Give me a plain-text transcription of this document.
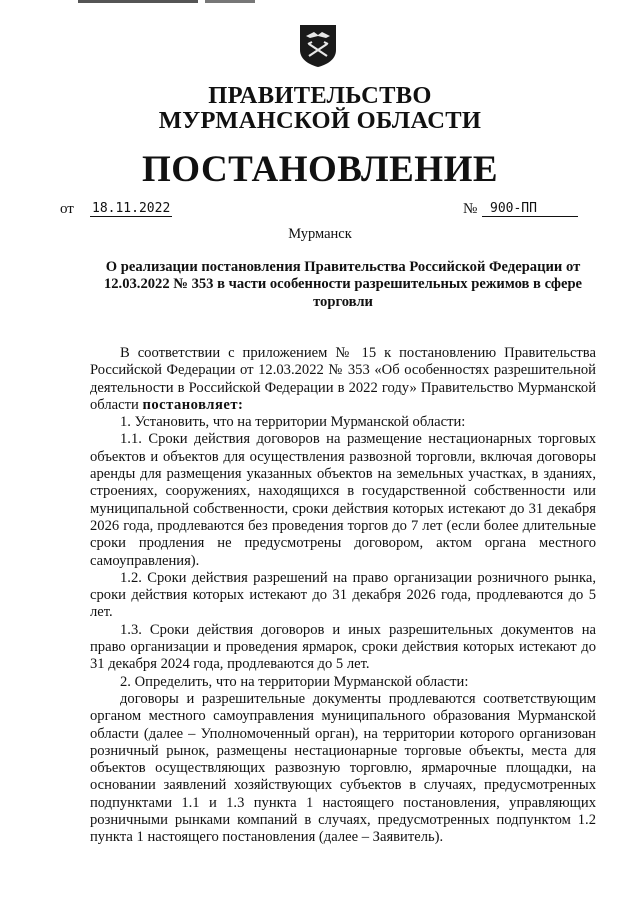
ПРАВИТЕЛЬСТВО
МУРМАНСКОЙ ОБЛАСТИ
ПОСТАНОВЛЕНИЕ
от 18.11.2022	№ 900-ПП
Мурманск
О реализации постановления Правительства Российской Федерации от 12.03.2022 № 353 в части особенности разрешительных режимов в сфере торговли

В соответствии с приложением № 15 к постановлению Правительства Российской Федерации от 12.03.2022 № 353 «Об особенностях разрешительной деятельности в Российской Федерации в 2022 году» Правительство Мурманской области постановляет:

1. Установить, что на территории Мурманской области:

1.1. Сроки действия договоров на размещение нестационарных торговых объектов и объектов для осуществления развозной торговли, включая договоры аренды для размещения указанных объектов на земельных участках, в зданиях, строениях, сооружениях, находящихся в государственной собственности или муниципальной собственности, сроки действия которых истекают до 31 декабря 2026 года, продлеваются без проведения торгов до 7 лет (если более длительные сроки продления не предусмотрены договором, актом органа местного самоуправления).

1.2. Сроки действия разрешений на право организации розничного рынка, сроки действия которых истекают до 31 декабря 2026 года, продлеваются до 5 лет.

1.3. Сроки действия договоров и иных разрешительных документов на право организации и проведения ярмарок, сроки действия которых истекают до 31 декабря 2024 года, продлеваются до 5 лет.

2. Определить, что на территории Мурманской области:

договоры и разрешительные документы продлеваются соответствующим органом местного самоуправления муниципального образования Мурманской области (далее – Уполномоченный орган), на территории которого организован розничный рынок, размещены нестационарные торговые объекты, места для объектов осуществляющих развозную торговлю, ярмарочные площадки, на основании заявлений хозяйствующих субъектов в случаях, предусмотренных подпунктами 1.1 и 1.3 пункта 1 настоящего постановления, управляющих розничными рынками компаний в случаях, предусмотренных подпунктом 1.2 пункта 1 настоящего постановления (далее – Заявитель).
